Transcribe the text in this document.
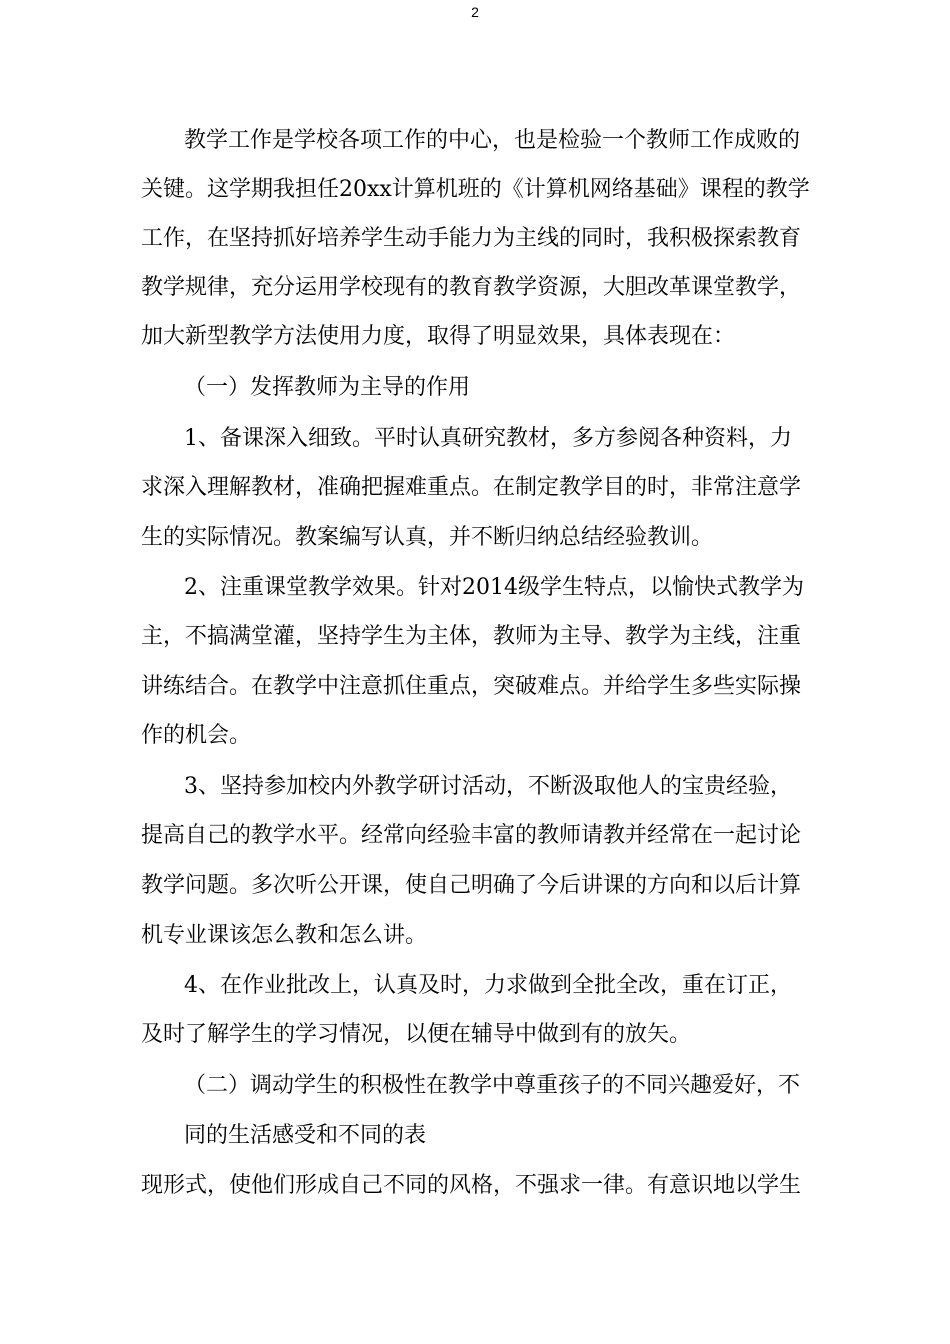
2

教学工作是学校各项工作的中心，也是检验一个教师工作成败的

关键。这学期我担任20xx计算机班的《计算机网络基础》课程的教学

工作，在坚持抓好培养学生动手能力为主线的同时，我积极探索教育

教学规律，充分运用学校现有的教育教学资源，大胆改革课堂教学，

加大新型教学方法使用力度，取得了明显效果，具体表现在：

（一）发挥教师为主导的作用

1、备课深入细致。平时认真研究教材，多方参阅各种资料，力

求深入理解教材，准确把握难重点。在制定教学目的时，非常注意学

生的实际情况。教案编写认真，并不断归纳总结经验教训。

2、注重课堂教学效果。针对2014级学生特点，以愉快式教学为

主，不搞满堂灌，坚持学生为主体，教师为主导、教学为主线，注重

讲练结合。在教学中注意抓住重点，突破难点。并给学生多些实际操

作的机会。

3、坚持参加校内外教学研讨活动，不断汲取他人的宝贵经验，

提高自己的教学水平。经常向经验丰富的教师请教并经常在一起讨论

教学问题。多次听公开课，使自己明确了今后讲课的方向和以后计算

机专业课该怎么教和怎么讲。

4、在作业批改上，认真及时，力求做到全批全改，重在订正，

及时了解学生的学习情况，以便在辅导中做到有的放矢。

（二）调动学生的积极性在教学中尊重孩子的不同兴趣爱好，不

同的生活感受和不同的表

现形式，使他们形成自己不同的风格，不强求一律。有意识地以学生
